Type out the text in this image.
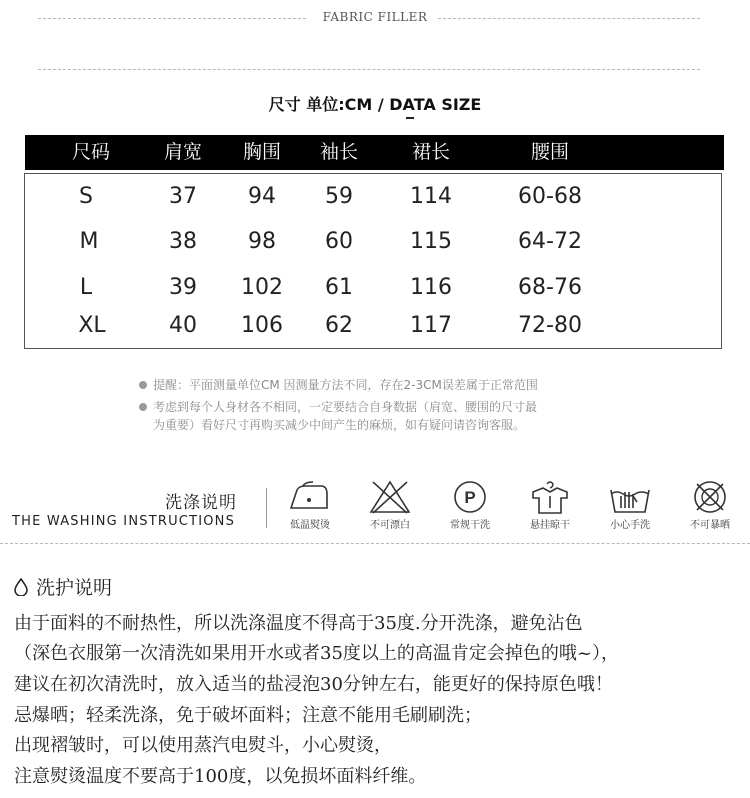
FABRIC FILLER
尺寸 单位:CM / DATA SIZE
尺码	肩宽 胸围 袖长	裙长	腰围
S	37 94 59	114	60-68
M	38 98 60	115	64-72
L	39 102 61	116	68-76
XL	40 106 62	117	72-80
提醒：平面测量单位CM 因测量方法不同，存在2-3CM误差属于正常范围
考虑到每个人身材各不相同，一定要结合自身数据（肩宽、腰围的尺寸最
为重要）看好尺寸再购买减少中间产生的麻烦，如有疑问请咨询客服。
洗涤说明
THE WASHING INSTRUCTIONS	低温熨烫	不可漂白
P
常规干洗	悬挂晾干	小心手洗	不可暴晒
洗护说明
由于面料的不耐热性，所以洗涤温度不得高于35度.分开洗涤，避免沾色
（深色衣服第一次清洗如果用开水或者35度以上的高温肯定会掉色的哦~），
建议在初次清洗时，放入适当的盐浸泡30分钟左右，能更好的保持原色哦！
忌爆晒；轻柔洗涤，免于破坏面料；注意不能用毛刷刷洗；
出现褶皱时，可以使用蒸汽电熨斗，小心熨烫，
注意熨烫温度不要高于100度，以免损坏面料纤维。
